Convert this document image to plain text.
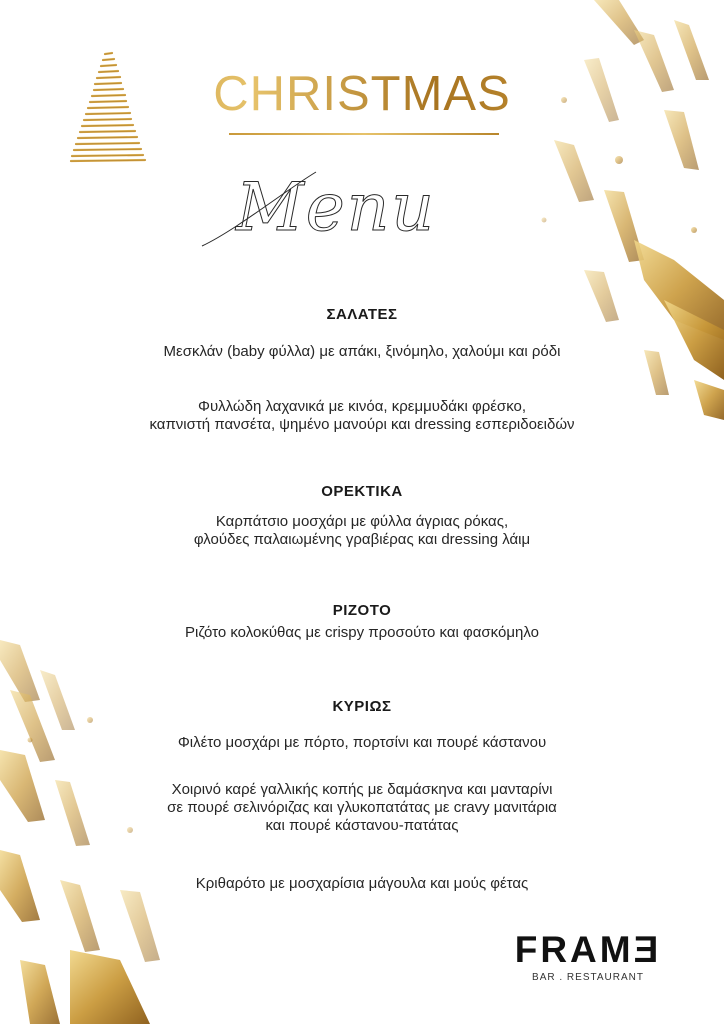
CHRISTMAS
Menu
ΣΑΛΑΤΕΣ
Μεσκλάν (baby φύλλα) με απάκι, ξινόμηλο, χαλούμι και ρόδι
Φυλλώδη λαχανικά με κινόα, κρεμμυδάκι φρέσκο,
καπνιστή πανσέτα, ψημένο μανούρι και dressing εσπεριδοειδών
ΟΡΕΚΤΙΚΑ
Καρπάτσιο μοσχάρι με φύλλα άγριας ρόκας,
φλούδες παλαιωμένης γραβιέρας και dressing λάιμ
ΡΙΖΟΤΟ
Ριζότο κολοκύθας με crispy προσούτο και φασκόμηλο
ΚΥΡΙΩΣ
Φιλέτο μοσχάρι με πόρτο, πορτσίνι και πουρέ κάστανου
Χοιρινό καρέ γαλλικής κοπής με δαμάσκηνα και μανταρίνι
σε πουρέ σελινόριζας και γλυκοπατάτας με cravy μανιτάρια
και πουρέ κάστανου-πατάτας
Κριθαρότο με μοσχαρίσια μάγουλα και μούς φέτας
FRAMƎ
BAR . RESTAURANT
